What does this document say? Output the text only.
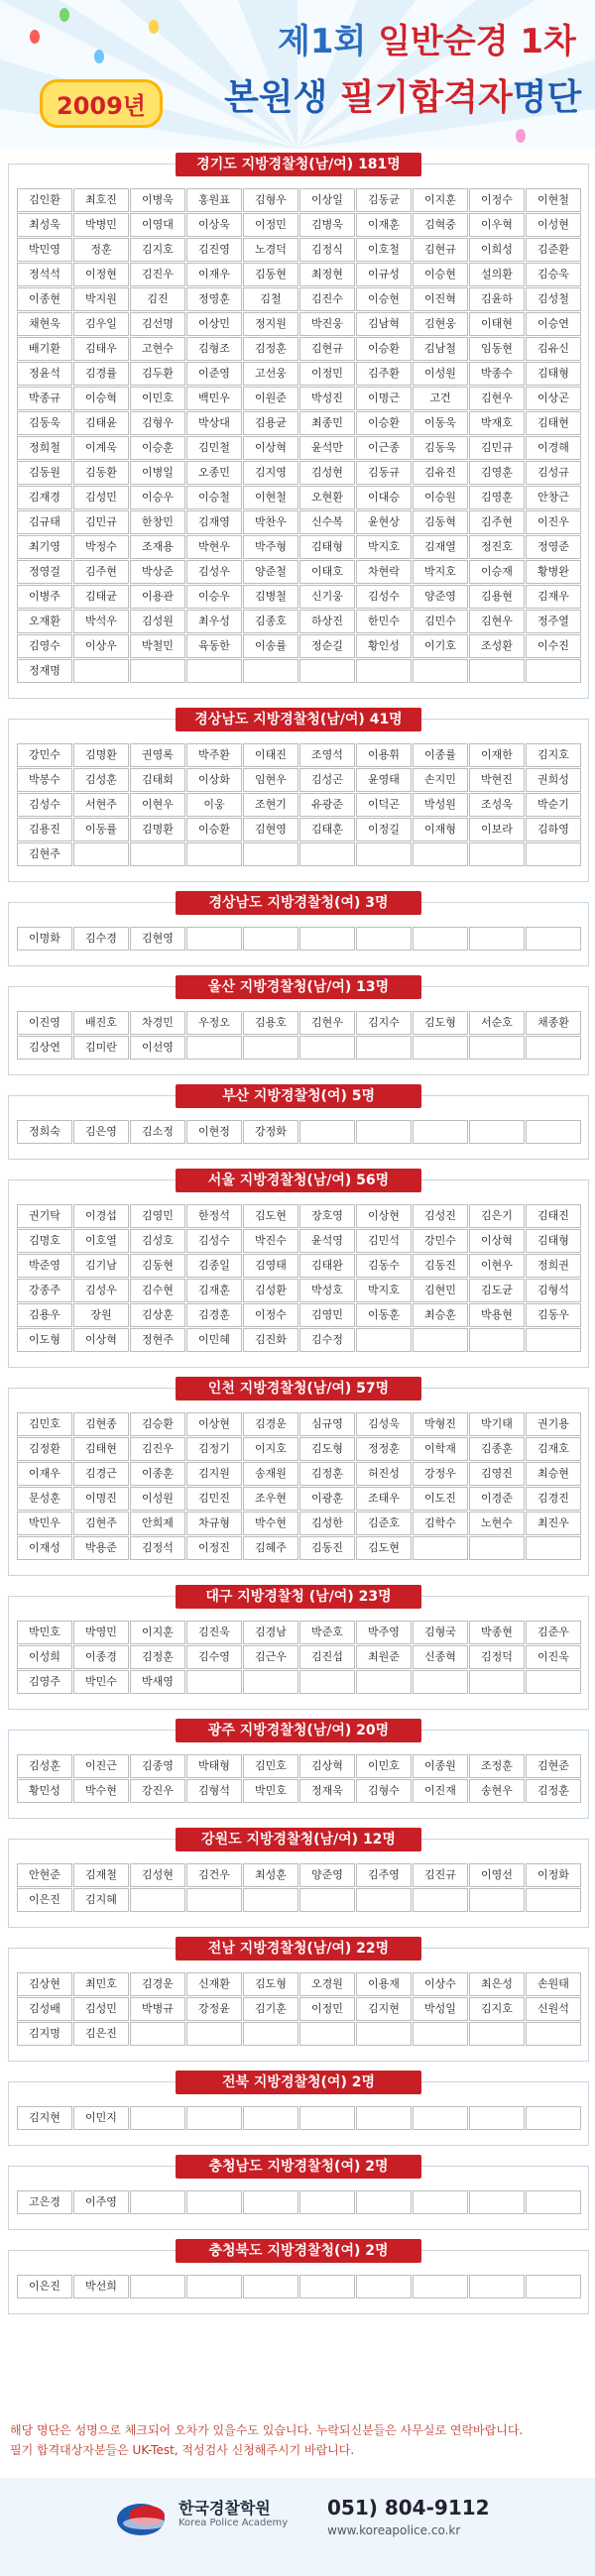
2009년
제1회 일반순경 1차
본원생 필기합격자명단
경기도 지방경찰청(남/여) 181명
김인환	최호진	이병욱	홍원표	김형우	이상일	김동균	이지훈	이정수	이현철
최성욱	박병민	이영대	이상욱	이정민	김병욱	이재훈	김혁중	이우혁	이성현
박민영	정훈	김지호	김진영	노경덕	김정식	이호철	김현규	이희성	김준환
정석석	이정현	김진우	이재우	김동현	최정현	이규성	이승현	설의환	김승욱
이종현	박지원	김진	정영훈	김철	김진수	이승현	이진혁	김윤하	김성철
채현욱	김우일	김선명	이상민	정지원	박진웅	김남혁	김현웅	이태현	이승연
배기환	김태우	고현수	김형조	김정훈	김현규	이승환	김남철	임동현	김유신
정윤석	김경률	김두환	이준영	고선웅	이정민	김주환	이성원	박종수	김태형
박종규	이승혁	이민호	백민우	이원준	박성진	이명근	고건	김현우	이상곤
김동욱	김태윤	김형우	박상대	김용균	최종민	이승환	이동욱	박재호	김태현
정희철	이계욱	이승훈	김민철	이상혁	윤석만	이근종	김동욱	김민규	이경해
김동원	김동환	이병일	오종민	김지영	김성현	김동규	김유진	김영훈	김성규
김재경	김성민	이승우	이승철	이현철	오현환	이대승	이승원	김영훈	안창근
김규태	김민규	한창민	김재영	박찬우	신수복	윤현상	김동혁	김주현	이진우
최기영	박정수	조재용	박현우	박주형	김태형	박지호	김재열	정진호	정영준
정영걸	김주현	박상준	김성우	양준철	이태호	차현락	박지호	이승재	황병완
이병주	김태균	이용관	이승우	김병철	신기웅	김성수	양준영	김용현	김재우
오재환	박석우	김성원	최우성	김종호	하상진	한민수	김민수	김현우	정주열
김영수	이상우	박철민	육동한	이송률	정순길	황인성	이기호	조성환	이수진
정재명
경상남도 지방경찰청(남/여) 41명
강민수	김명환	권영록	박주환	이태진	조영석	이용휘	이종률	이재한	김지호
박봉수	김성훈	김태회	이상화	임현우	김성곤	윤영태	손지민	박현진	권희성
김성수	서현주	이현우	이웅	조현기	유광준	이덕곤	박성원	조성욱	박순기
김용진	이동률	김명환	이승환	김현영	김태훈	이정길	이재형	이보라	김하영
김현주
경상남도 지방경찰청(여) 3명
이명화	김수경	김현영
울산 지방경찰청(남/여) 13명
이진영	배진호	차경민	우정오	김용호	김현우	김지수	김도형	서순호	채종환
김상연	김미란	이선영
부산 지방경찰청(여) 5명
정희숙	김은영	김소정	이현정	강정화
서울 지방경찰청(남/여) 56명
권기탁	이경섭	김영민	한정석	김도현	장호영	이상현	김성진	김은기	김태진
김명호	이호열	김성호	김성수	박진수	윤석영	김민석	강민수	이상혁	김태형
박준영	김기남	김동현	김종일	김영태	김태완	김동수	김동진	이현우	정희권
강종주	김성우	김수현	김재훈	김성환	박성호	박지호	김현민	김도균	김형석
김용우	장원	김상훈	김경훈	이정수	김영민	이동훈	최승훈	박용현	김동우
이도형	이상혁	정현주	이민혜	김진화	김수정
인천 지방경찰청(남/여) 57명
김민호	김현종	김승환	이상현	김경운	심규영	김성욱	박형진	박기태	권기용
김정환	김태현	김진우	김정기	이지호	김도형	정정훈	이학재	김종훈	김재호
이재우	김경근	이종훈	김지원	송재원	김정훈	허진성	강정우	김영진	최승현
문성훈	이명진	이성원	김민진	조우현	이광훈	조태우	이도진	이경준	김경진
박민우	김현주	안희제	차규형	박수현	김성한	김준호	김학수	노현수	최진우
이재성	박용준	김정석	이정진	김혜주	김동진	김도현
대구 지방경찰청 (남/여) 23명
박민호	박영민	이지훈	김진욱	김경남	박준호	박주영	김형국	박종현	김준우
이성희	이종경	김정훈	김수영	김근우	김진섭	최원준	신종혁	김정덕	이진욱
김영주	박민수	박새영
광주 지방경찰청(남/여) 20명
김성훈	이진근	김종영	박태형	김민호	김상혁	이민호	이종원	조정훈	김현준
황민성	박수현	강진우	김형석	박민호	정재욱	김형수	이진재	송현우	김정훈
강원도 지방경찰청(남/여) 12명
안현준	김재철	김성현	김건우	최성훈	양준영	김주영	김진규	이영선	이정화
이은진	김지혜
전남 지방경찰청(남/여) 22명
김상현	최민호	김경운	신재환	김도형	오경원	이용재	이상수	최은성	손원태
김성배	김성민	박병규	강정윤	김기훈	이정민	김지현	박성일	김지호	신원석
김지명	김은진
전북 지방경찰청(여) 2명
김지현	이민지
충청남도 지방경찰청(여) 2명
고은경	이주영
충청북도 지방경찰청(여) 2명
이은진	박선희
해당 명단은 성명으로 체크되어 오차가 있을수도 있습니다. 누락되신분들은 사무실로 연락바랍니다.
필기 합격대상자분들은 UK-Test, 적성검사 신청해주시기 바랍니다.
한국경찰학원
Korea Police Academy
051) 804-9112
www.koreapolice.co.kr
